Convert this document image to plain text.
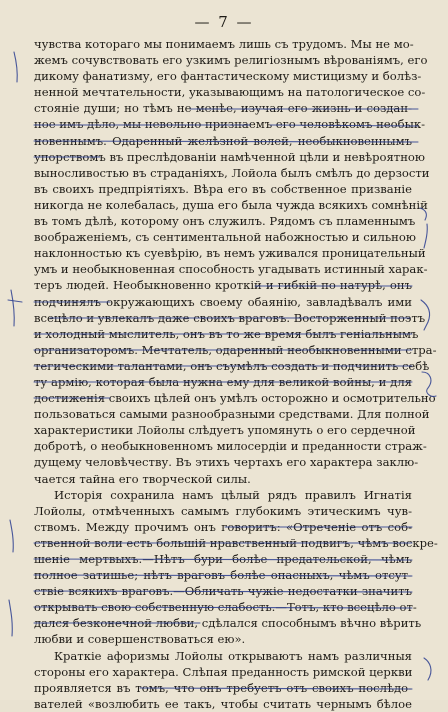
— 7 —
чувства котораго мы понимаемъ лишь съ трудомъ. Мы не мо-
жемъ сочувствовать его узкимъ религіознымъ вѣрованіямъ, его
дикому фанатизму, его фантастическому мистицизму и болѣз-
ненной мечтательности, указывающимъ на патологическое со-
стояніе души; но тѣмъ не менѣе, изучая его жизнь и создан-
ное имъ дѣло, мы невольно признаемъ его человѣкомъ необык-
новеннымъ. Одаренный желѣзной волей, необыкновеннымъ
упорствомъ въ преслѣдованіи намѣченной цѣли и невѣроятною
выносливостью въ страданіяхъ, Лойола былъ смѣлъ до дерзости
въ своихъ предпріятіяхъ. Вѣра его въ собственное призваніе
никогда не колебалась, душа его была чужда всякихъ сомнѣній
въ томъ дѣлѣ, которому онъ служилъ. Рядомъ съ пламеннымъ
воображеніемъ, съ сентиментальной набожностью и сильною
наклонностью къ суевѣрію, въ немъ уживался проницательный
умъ и необыкновенная способность угадывать истинный харак-
теръ людей. Необыкновенно кроткій и гибкій по натурѣ, онъ
подчинялъ окружающихъ своему обаянію, завладѣвалъ ими
всецѣло и увлекалъ даже своихъ враговъ. Восторженный поэтъ
и холодный мыслитель, онъ въ то же время былъ геніальнымъ
организаторомъ. Мечтатель, одаренный необыкновенными стра-
тегическими талантами, онъ съумѣлъ создать и подчинить себѣ
ту армію, которая была нужна ему для великой войны, и для
достиженія своихъ цѣлей онъ умѣлъ осторожно и осмотрительно
пользоваться самыми разнообразными средствами. Для полной
характеристики Лойолы слѣдуетъ упомянуть о его сердечной
добротѣ, о необыкновенномъ милосердіи и преданности страж-
дущему человѣчеству. Въ этихъ чертахъ его характера заклю-
чается тайна его творческой силы.
Исторія сохранила намъ цѣлый рядъ правилъ Игнатія
Лойолы, отмѣченныхъ самымъ глубокимъ этическимъ чув-
ствомъ. Между прочимъ онъ говоритъ: «Отреченіе отъ соб-
ственной воли есть большій нравственный подвигъ, чѣмъ воскре-
шеніе мертвыхъ.—Нѣтъ бури болѣе предательской, чѣмъ
полное затишье; нѣтъ враговъ болѣе опасныхъ, чѣмъ отсут-
ствіе всякихъ враговъ.—Обличать чужіе недостатки значитъ
открывать свою собственную слабость.—Тотъ, кто всецѣло от-
дался безконечной любви, сдѣлался способнымъ вѣчно вѣрить
любви и совершенствоваться ею».
Краткіе афоризмы Лойолы открываютъ намъ различныя
стороны его характера. Слѣпая преданность римской церкви
проявляется въ томъ, что онъ требуетъ отъ своихъ послѣдо-
вателей «возлюбить ее такъ, чтобы считать чернымъ бѣлое
